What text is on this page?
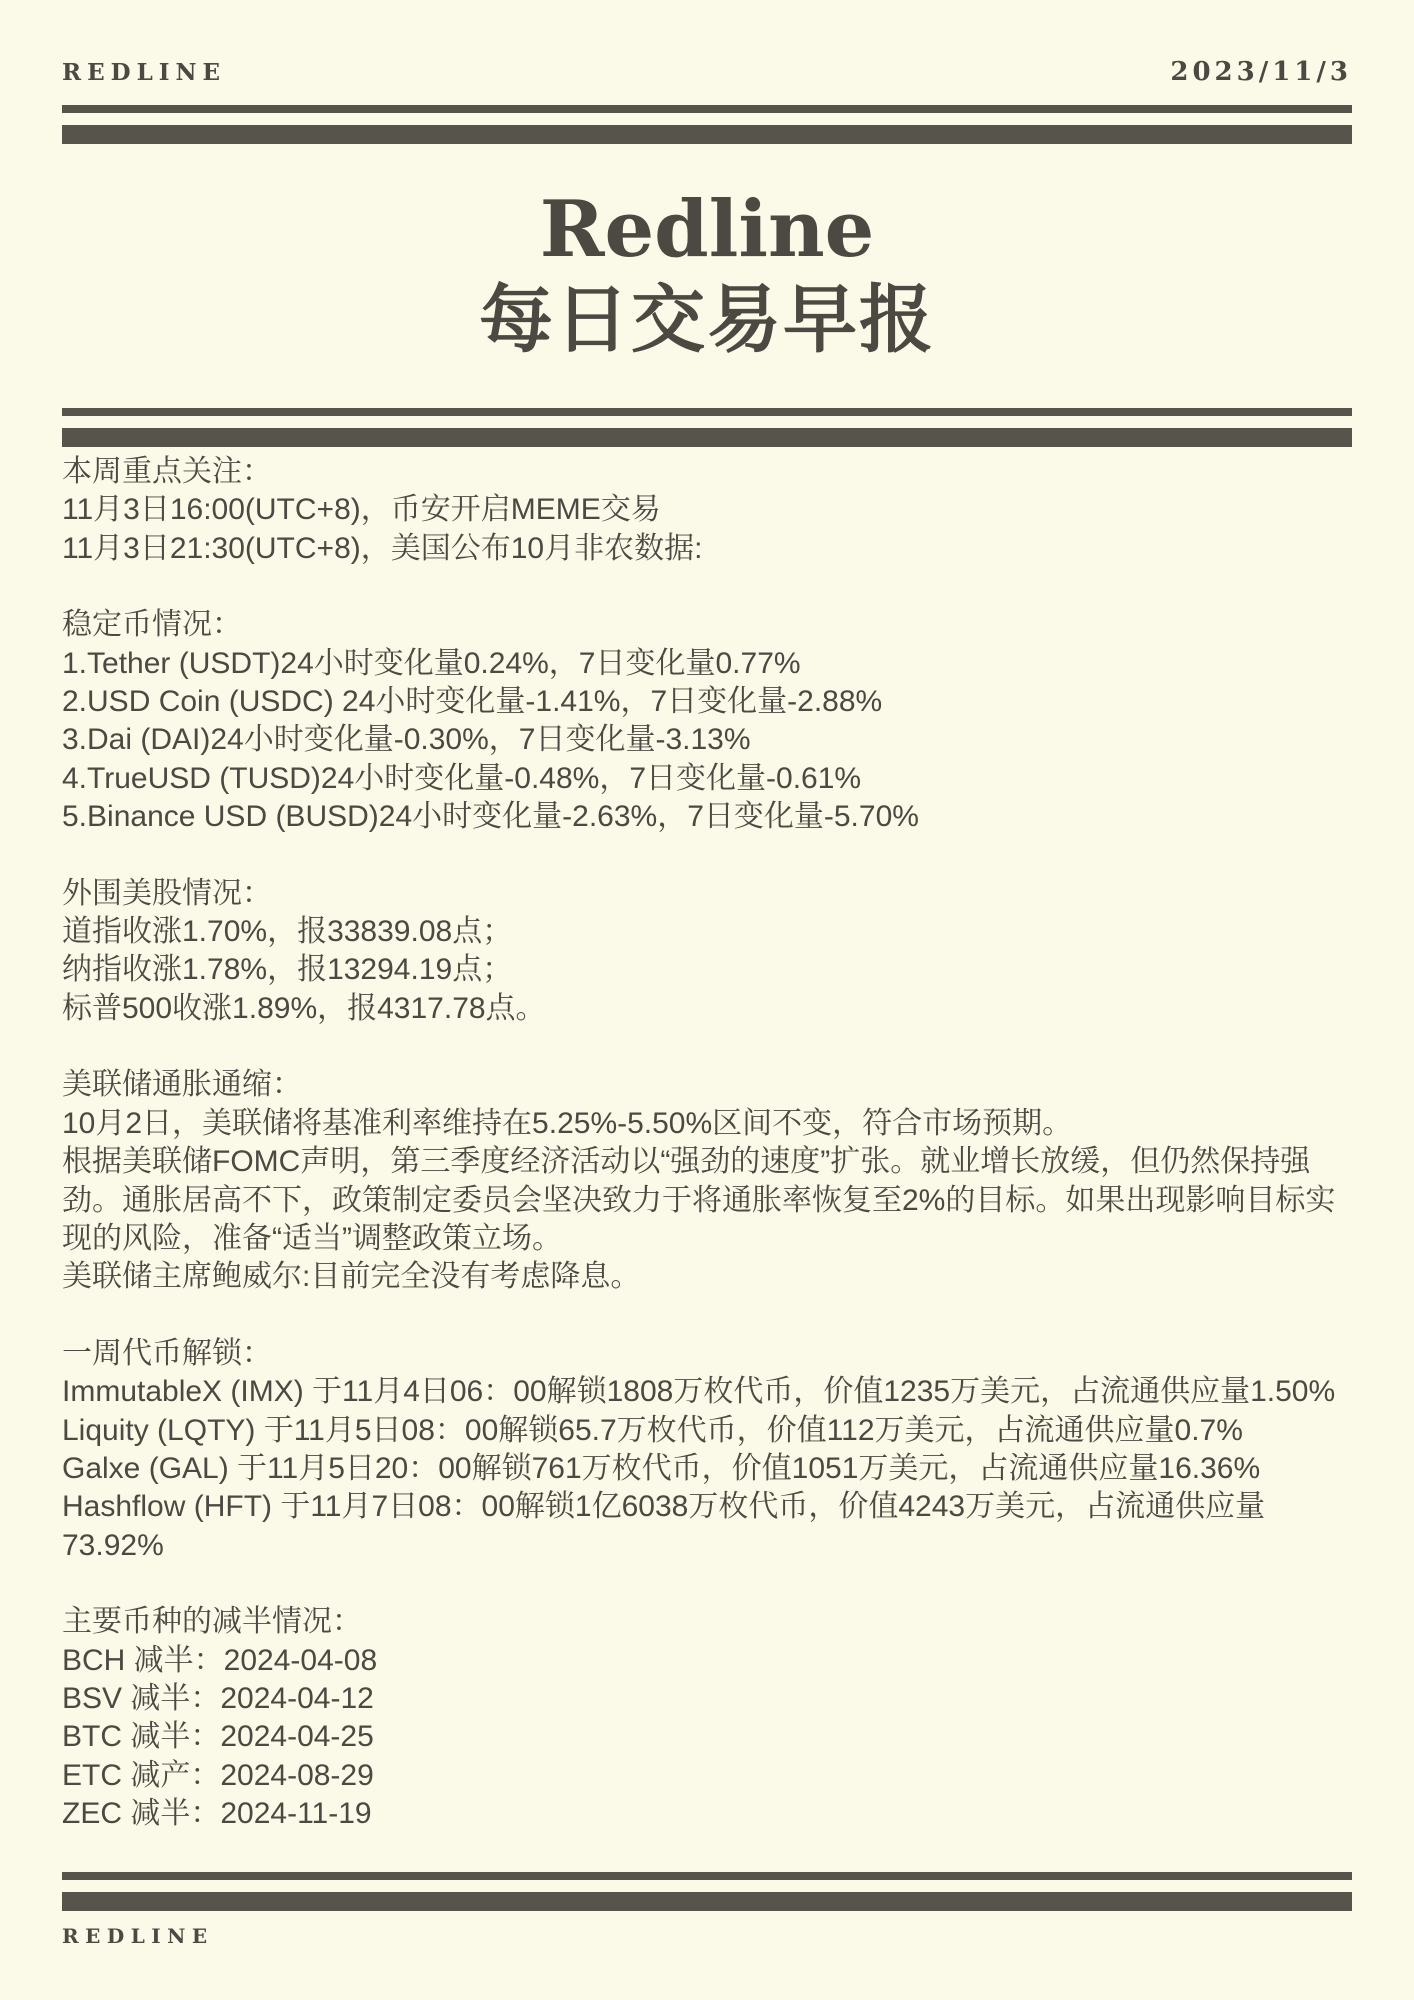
REDLINE	2023/11/3
Redline
每日交易早报

本周重点关注：

11月3日16:00(UTC+8)，币安开启MEME交易

11月3日21:30(UTC+8)，美国公布10月非农数据:

稳定币情况：

1.Tether (USDT)24小时变化量0.24%，7日变化量0.77%

2.USD Coin (USDC) 24小时变化量-1.41%，7日变化量-2.88%

3.Dai (DAI)24小时变化量-0.30%，7日变化量-3.13%

4.TrueUSD (TUSD)24小时变化量-0.48%，7日变化量-0.61%

5.Binance USD (BUSD)24小时变化量-2.63%，7日变化量-5.70%

外围美股情况：

道指收涨1.70%，报33839.08点；

纳指收涨1.78%，报13294.19点；

标普500收涨1.89%，报4317.78点。

美联储通胀通缩：

10月2日，美联储将基准利率维持在5.25%-5.50%区间不变，符合市场预期。

根据美联储FOMC声明，第三季度经济活动以“强劲的速度”扩张。就业增长放缓，但仍然保持强劲。通胀居高不下，政策制定委员会坚决致力于将通胀率恢复至2%的目标。如果出现影响目标实现的风险，准备“适当”调整政策立场。

美联储主席鲍威尔:目前完全没有考虑降息。

一周代币解锁：

ImmutableX (IMX) 于11月4日06：00解锁1808万枚代币，价值1235万美元，占流通供应量1.50%

Liquity (LQTY) 于11月5日08：00解锁65.7万枚代币，价值112万美元，占流通供应量0.7%

Galxe (GAL) 于11月5日20：00解锁761万枚代币，价值1051万美元，占流通供应量16.36%

Hashflow (HFT) 于11月7日08：00解锁1亿6038万枚代币，价值4243万美元，占流通供应量73.92%

主要币种的减半情况：

BCH 减半：2024-04-08

BSV 减半：2024-04-12

BTC 减半：2024-04-25

ETC 减产：2024-08-29

ZEC 减半：2024-11-19

REDLINE
